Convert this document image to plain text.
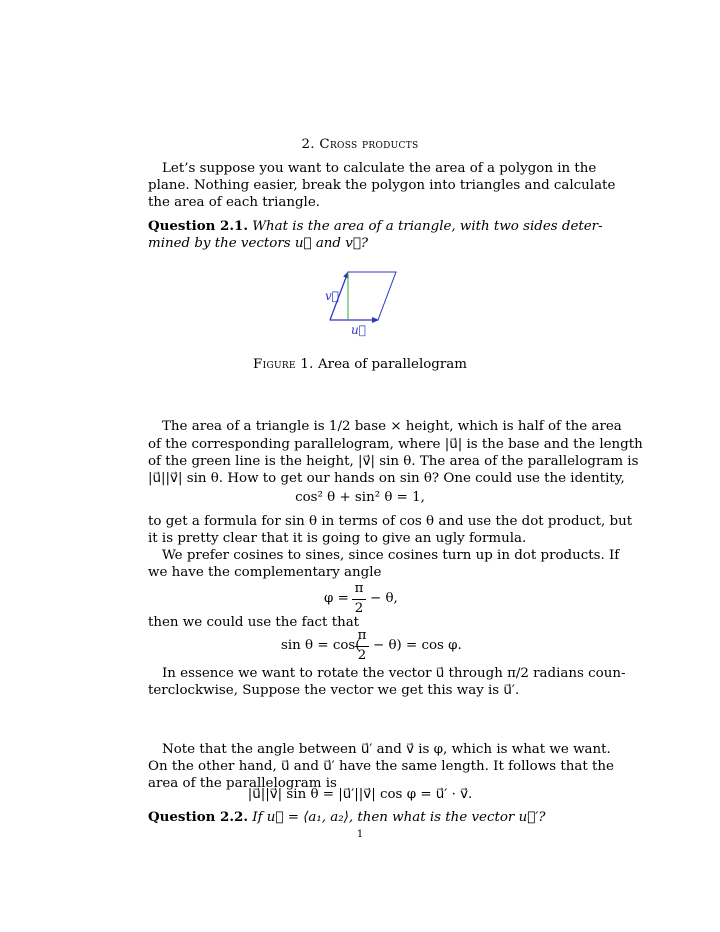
2. Cross products
Let’s suppose you want to calculate the area of a polygon in the
plane. Nothing easier, break the polygon into triangles and calculate
the area of each triangle.
Question 2.1. What is the area of a triangle, with two sides deter-
mined by the vectors u⃗ and v⃗?
v⃗
u⃗
Figure 1. Area of parallelogram
The area of a triangle is 1/2 base × height, which is half of the area
of the corresponding parallelogram, where |u⃗| is the base and the length
of the green line is the height, |v⃗| sin θ. The area of the parallelogram is
|u⃗||v⃗| sin θ. How to get our hands on sin θ? One could use the identity,
cos² θ + sin² θ = 1,
to get a formula for sin θ in terms of cos θ and use the dot product, but
it is pretty clear that it is going to give an ugly formula.
We prefer cosines to sines, since cosines turn up in dot products. If
we have the complementary angle
φ =
π
2
− θ,
then we could use the fact that
sin θ = cos(
π
2
− θ) = cos φ.
In essence we want to rotate the vector u⃗ through π/2 radians coun-
terclockwise, Suppose the vector we get this way is u⃗′.
Note that the angle between u⃗′ and v⃗ is φ, which is what we want.
On the other hand, u⃗ and u⃗′ have the same length. It follows that the
area of the parallelogram is
|u⃗||v⃗| sin θ = |u⃗′||v⃗| cos φ = u⃗′ · v⃗.
Question 2.2. If u⃗ = ⟨a₁, a₂⟩, then what is the vector u⃗′?
1
